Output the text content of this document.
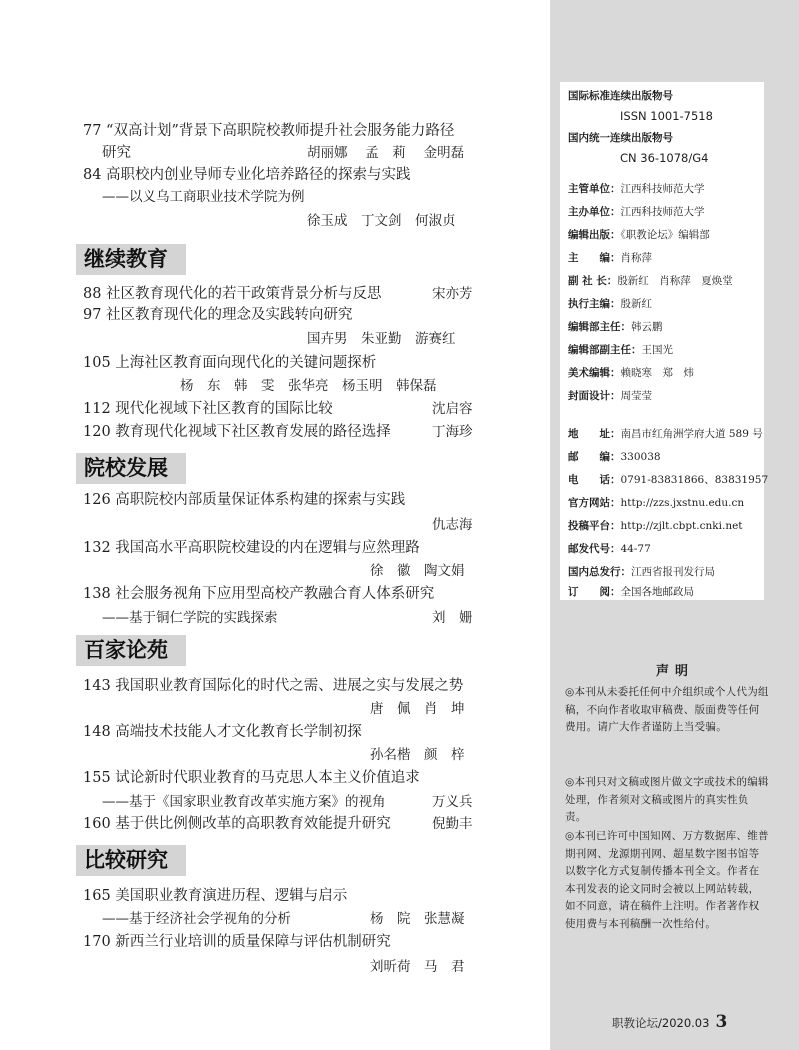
77 “双高计划”背景下高职院校教师提升社会服务能力路径
研究	胡丽娜　 孟　莉　 金明磊
84 高职校内创业导师专业化培养路径的探索与实践
——以义乌工商职业技术学院为例
徐玉成　丁文剑　何淑贞
继续教育
88 社区教育现代化的若干政策背景分析与反思	宋亦芳
97 社区教育现代化的理念及实践转向研究
国卉男　朱亚勤　游赛红
105 上海社区教育面向现代化的关键问题探析
杨　东　韩　雯　张华亮　杨玉明　韩保磊
112 现代化视域下社区教育的国际比较	沈启容
120 教育现代化视域下社区教育发展的路径选择	丁海珍
院校发展
126 高职院校内部质量保证体系构建的探索与实践
仇志海
132 我国高水平高职院校建设的内在逻辑与应然理路
徐　徽　陶文娟
138 社会服务视角下应用型高校产教融合育人体系研究
——基于铜仁学院的实践探索	刘　姗
百家论苑
143 我国职业教育国际化的时代之需、进展之实与发展之势
唐　佩　肖　坤
148 高端技术技能人才文化教育长学制初探
孙名楷　颜　梓
155 试论新时代职业教育的马克思人本主义价值追求
——基于《国家职业教育改革实施方案》的视角	万义兵
160 基于供比例侧改革的高职教育效能提升研究	倪勤丰
比较研究
165 美国职业教育演进历程、逻辑与启示
——基于经济社会学视角的分析	杨　院　张慧凝
170 新西兰行业培训的质量保障与评估机制研究
刘昕荷　马　君
国际标准连续出版物号
ISSN 1001-7518
国内统一连续出版物号
CN 36-1078/G4
主管单位：江西科技师范大学
主办单位：江西科技师范大学
编辑出版：《职教论坛》编辑部
主　　编：肖称萍
副 社 长：殷新红　肖称萍　夏焕堂
执行主编：殷新红
编辑部主任：韩云鹏
编辑部副主任：王国光
美术编辑：赖晓寒　郑　炜
封面设计：周莹莹
地　　址：南昌市红角洲学府大道 589 号
邮　　编：330038
电　　话：0791-83831866、83831957
官方网站：http://zzs.jxstnu.edu.cn
投稿平台：http://zjlt.cbpt.cnki.net
邮发代号：44-77
国内总发行：江西省报刊发行局
订　　阅：全国各地邮政局
声明
◎本刊从未委托任何中介组织或个人代为组稿，不向作者收取审稿费、版面费等任何费用。请广大作者谨防上当受骗。
◎本刊只对文稿或图片做文字或技术的编辑处理，作者须对文稿或图片的真实性负责。
◎本刊已许可中国知网、万方数据库、维普期刊网、龙源期刊网、超星数字图书馆等以数字化方式复制传播本刊全文。作者在本刊发表的论文同时会被以上网站转载，如不同意，请在稿件上注明。作者著作权使用费与本刊稿酬一次性给付。
职教论坛/2020.03 3
